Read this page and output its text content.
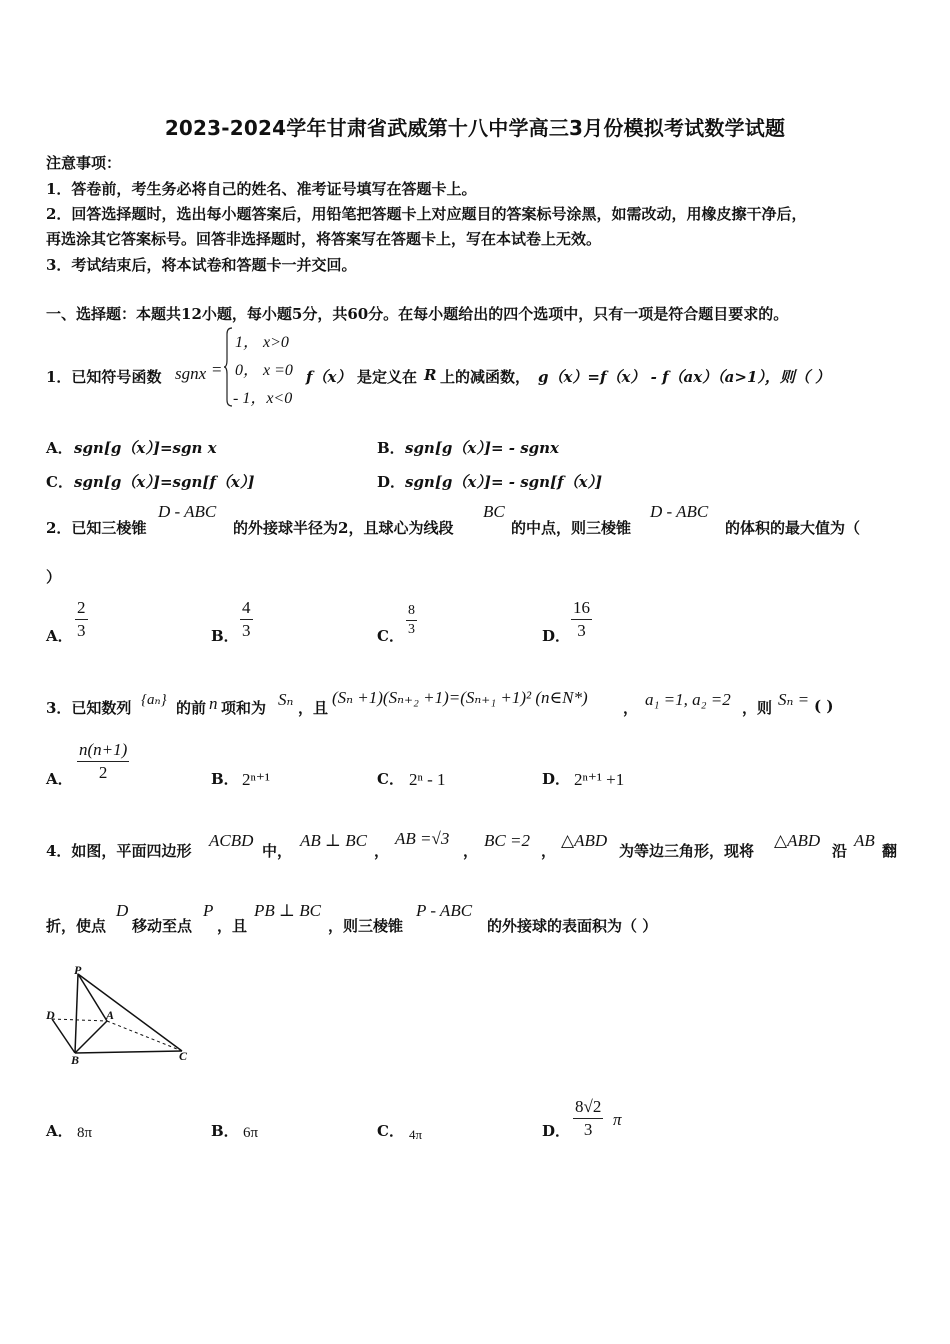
2023-2024学年甘肃省武威第十八中学高三3月份模拟考试数学试题
注意事项：
1．答卷前，考生务必将自己的姓名、准考证号填写在答题卡上。
2．回答选择题时，选出每小题答案后，用铅笔把答题卡上对应题目的答案标号涂黑，如需改动，用橡皮擦干净后，
再选涂其它答案标号。回答非选择题时，将答案写在答题卡上，写在本试卷上无效。
3．考试结束后，将本试卷和答题卡一并交回。
一、选择题：本题共12小题，每小题5分，共60分。在每小题给出的四个选项中，只有一项是符合题目要求的。
1．已知符号函数 sgnx =
1， x>0
0， x =0
- 1，x<0
f（x） 是定义在 R 上的减函数， g（x）=f（x） - f（ax）（a>1），则（ ）
A． sgn[g（x）]=sgn x	B． sgn[g（x）]= - sgnx
C． sgn[g（x）]=sgn[f（x）]	D． sgn[g（x）]= - sgn[f（x）]
2．已知三棱锥
D - ABC
的外接球半径为2，且球心为线段
BC
的中点，则三棱锥
D - ABC
的体积的最大值为（
）
A． $\frac{2}{3}$	B． $\frac{4}{3}$	C． $\frac{8}{3}$	D． $\frac{16}{3}$
3．已知数列 {aₙ} 的前 n 项和为 Sₙ ，且
(Sₙ +1)(Sₙ₊₂ +1)=(Sₙ₊₁ +1)² (n∈N*)
， a₁ =1, a₂ =2 ，则 Sₙ = ( )
A． $\frac{n(n+1)}{2}$	B． 2ⁿ⁺¹	C． 2ⁿ - 1	D． 2ⁿ⁺¹ +1
4．如图，平面四边形
ACBD
中，
AB ⊥ BC
，
AB =√3
，
BC =2
，
△ABD
为等边三角形，现将
△ABD
沿
AB
翻
折，使点
D
移动至点
P
，且
PB ⊥ BC
，则三棱锥
P - ABC
的外接球的表面积为（ ）
P
D	A
B	C
A． 8π	B． 6π	C． 4π	D． $\frac{8√2}{3}$ π
